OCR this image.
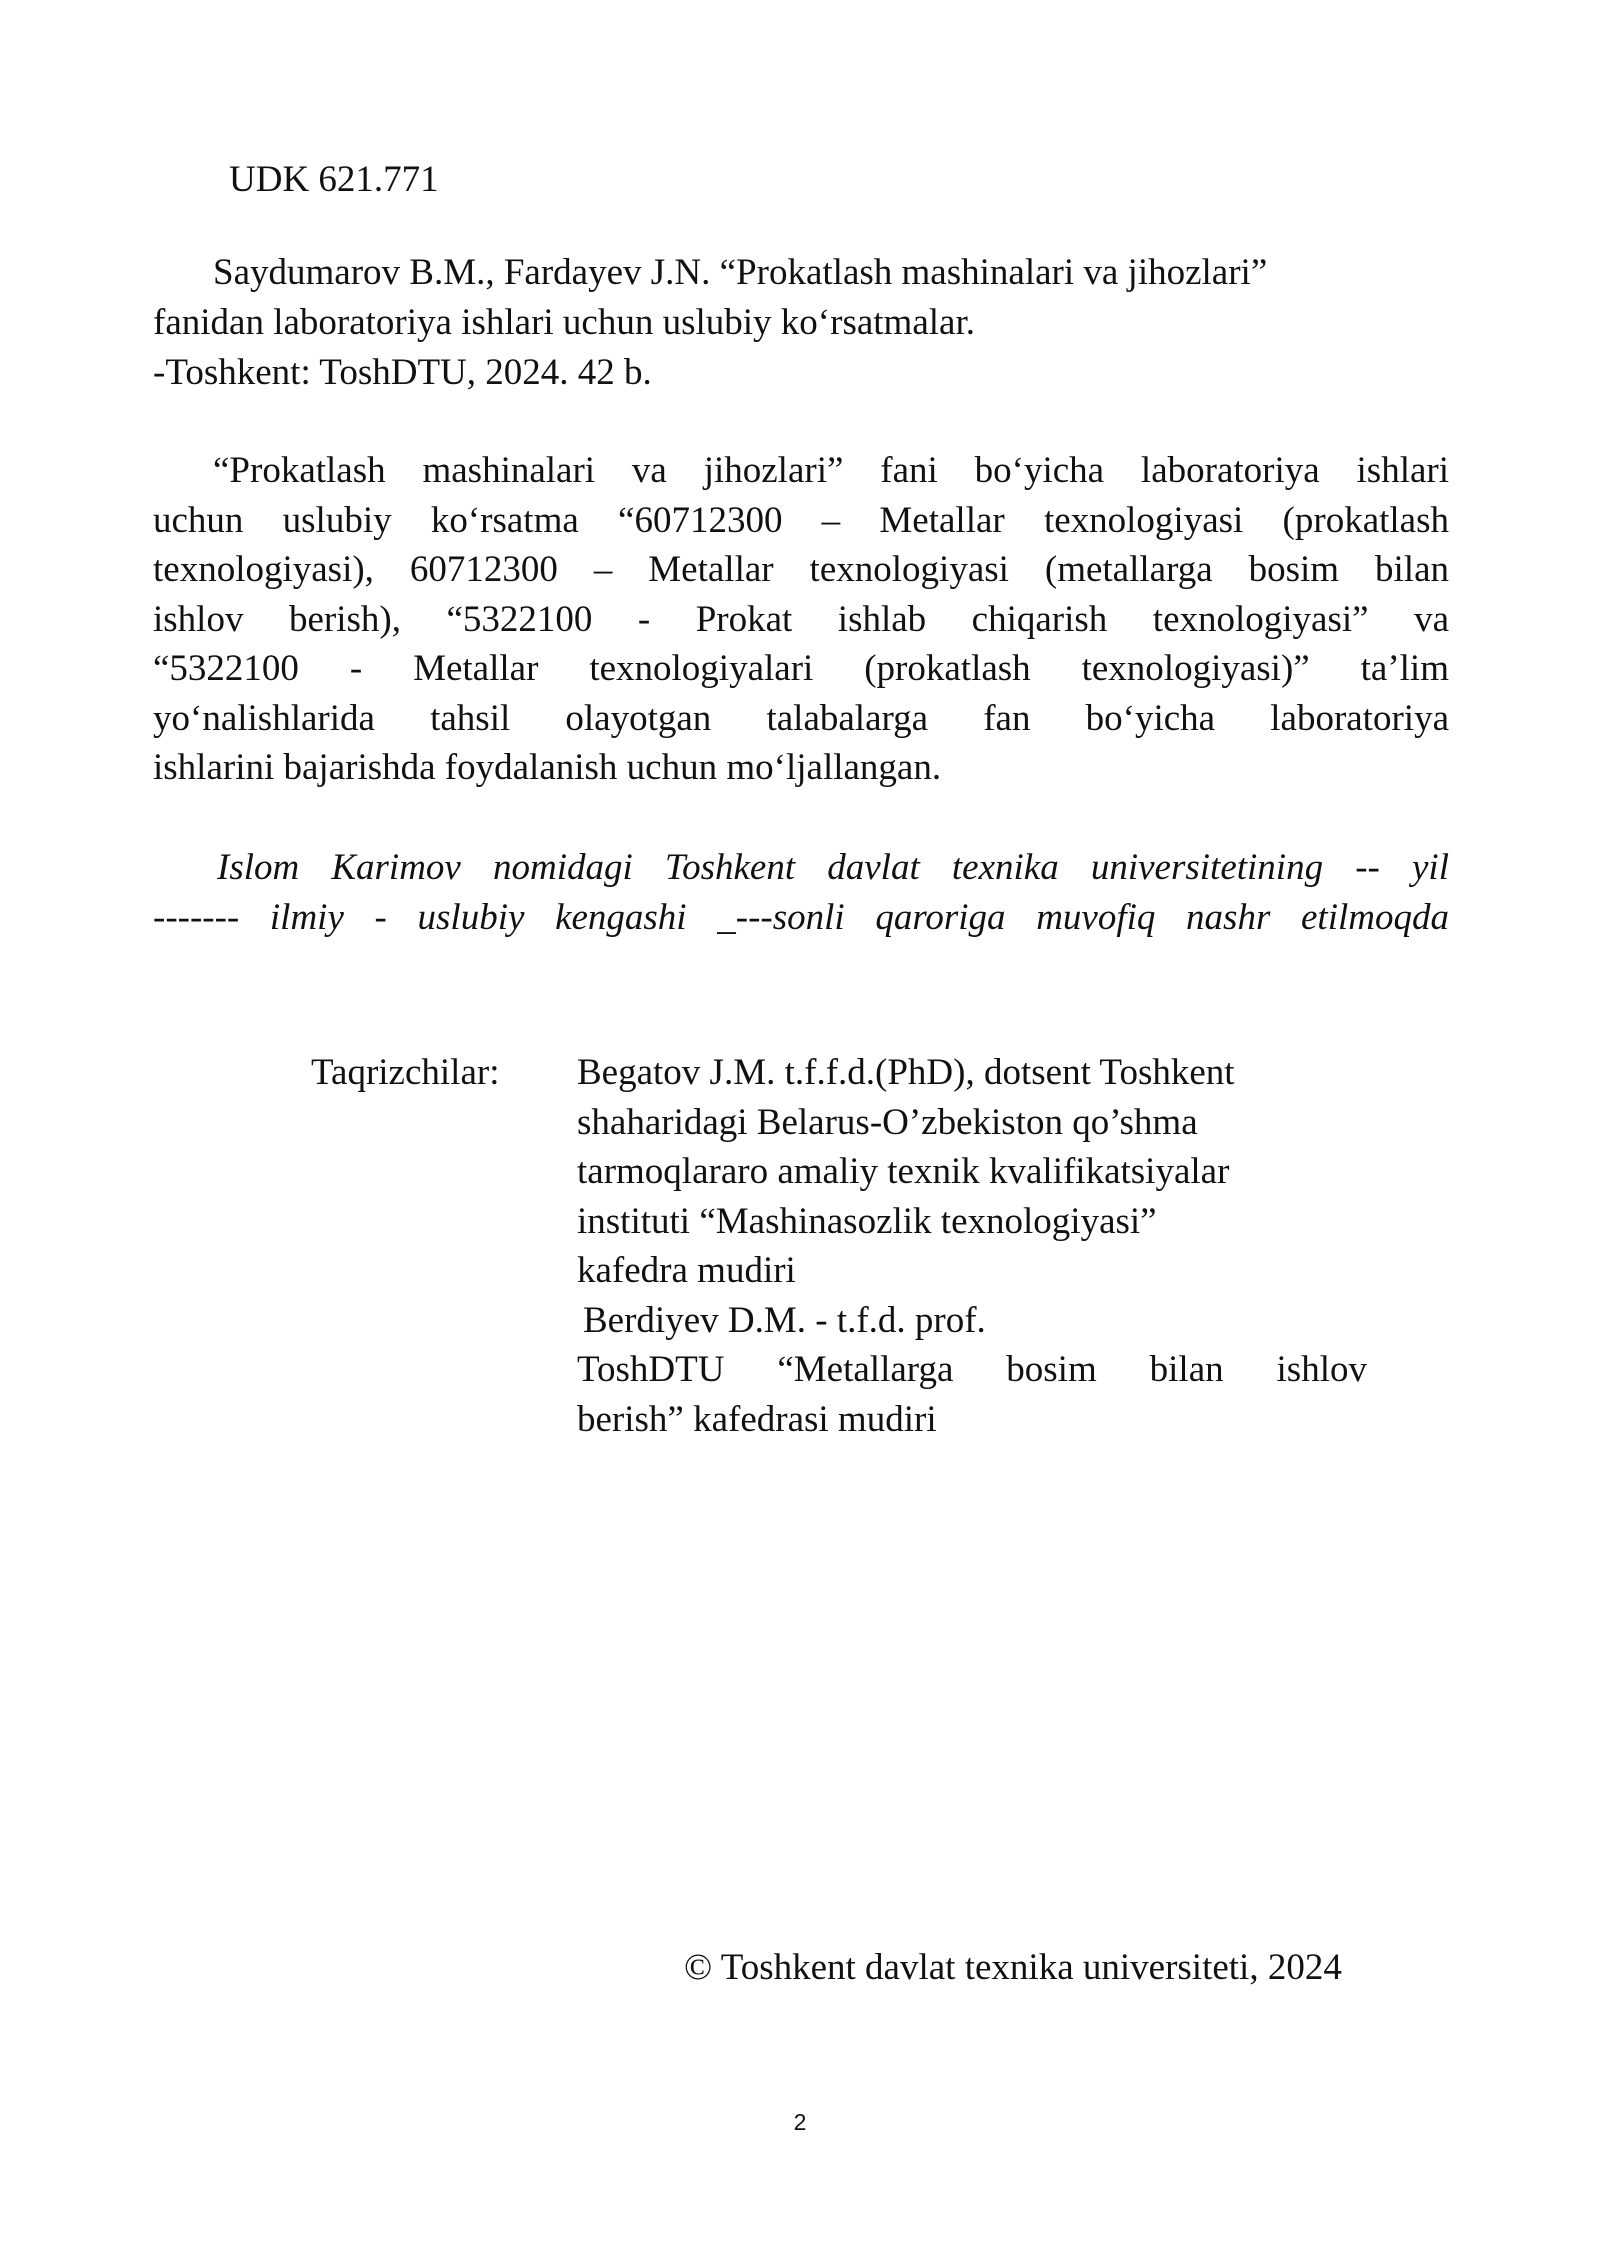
UDK 621.771
Saydumarov B.M., Fardayev J.N. “Prokatlash mashinalari va jihozlari”
fanidan laboratoriya ishlari uchun uslubiy ko‘rsatmalar.
-Toshkent: ToshDTU, 2024. 42 b.
“Prokatlash mashinalari va jihozlari” fani bo‘yicha laboratoriya ishlari
uchun uslubiy ko‘rsatma “60712300 – Metallar texnologiyasi (prokatlash
texnologiyasi), 60712300 – Metallar texnologiyasi (metallarga bosim bilan
ishlov berish), “5322100 - Prokat ishlab chiqarish texnologiyasi” va
“5322100 - Metallar texnologiyalari (prokatlash texnologiyasi)” ta’lim
yo‘nalishlarida tahsil olayotgan talabalarga fan bo‘yicha laboratoriya
ishlarini bajarishda foydalanish uchun mo‘ljallangan.
Islom Karimov nomidagi Toshkent davlat texnika universitetining -- yil
------- ilmiy - uslubiy kengashi _---sonli qaroriga muvofiq nashr etilmoqda
Taqrizchilar: Begatov J.M. t.f.f.d.(PhD), dotsent Toshkent
shaharidagi Belarus-O’zbekiston qo’shma
tarmoqlararo amaliy texnik kvalifikatsiyalar
instituti “Mashinasozlik texnologiyasi”
kafedra mudiri
Berdiyev D.M. - t.f.d. prof.
ToshDTU “Metallarga bosim bilan ishlov
berish” kafedrasi mudiri
© Toshkent davlat texnika universiteti, 2024
2
